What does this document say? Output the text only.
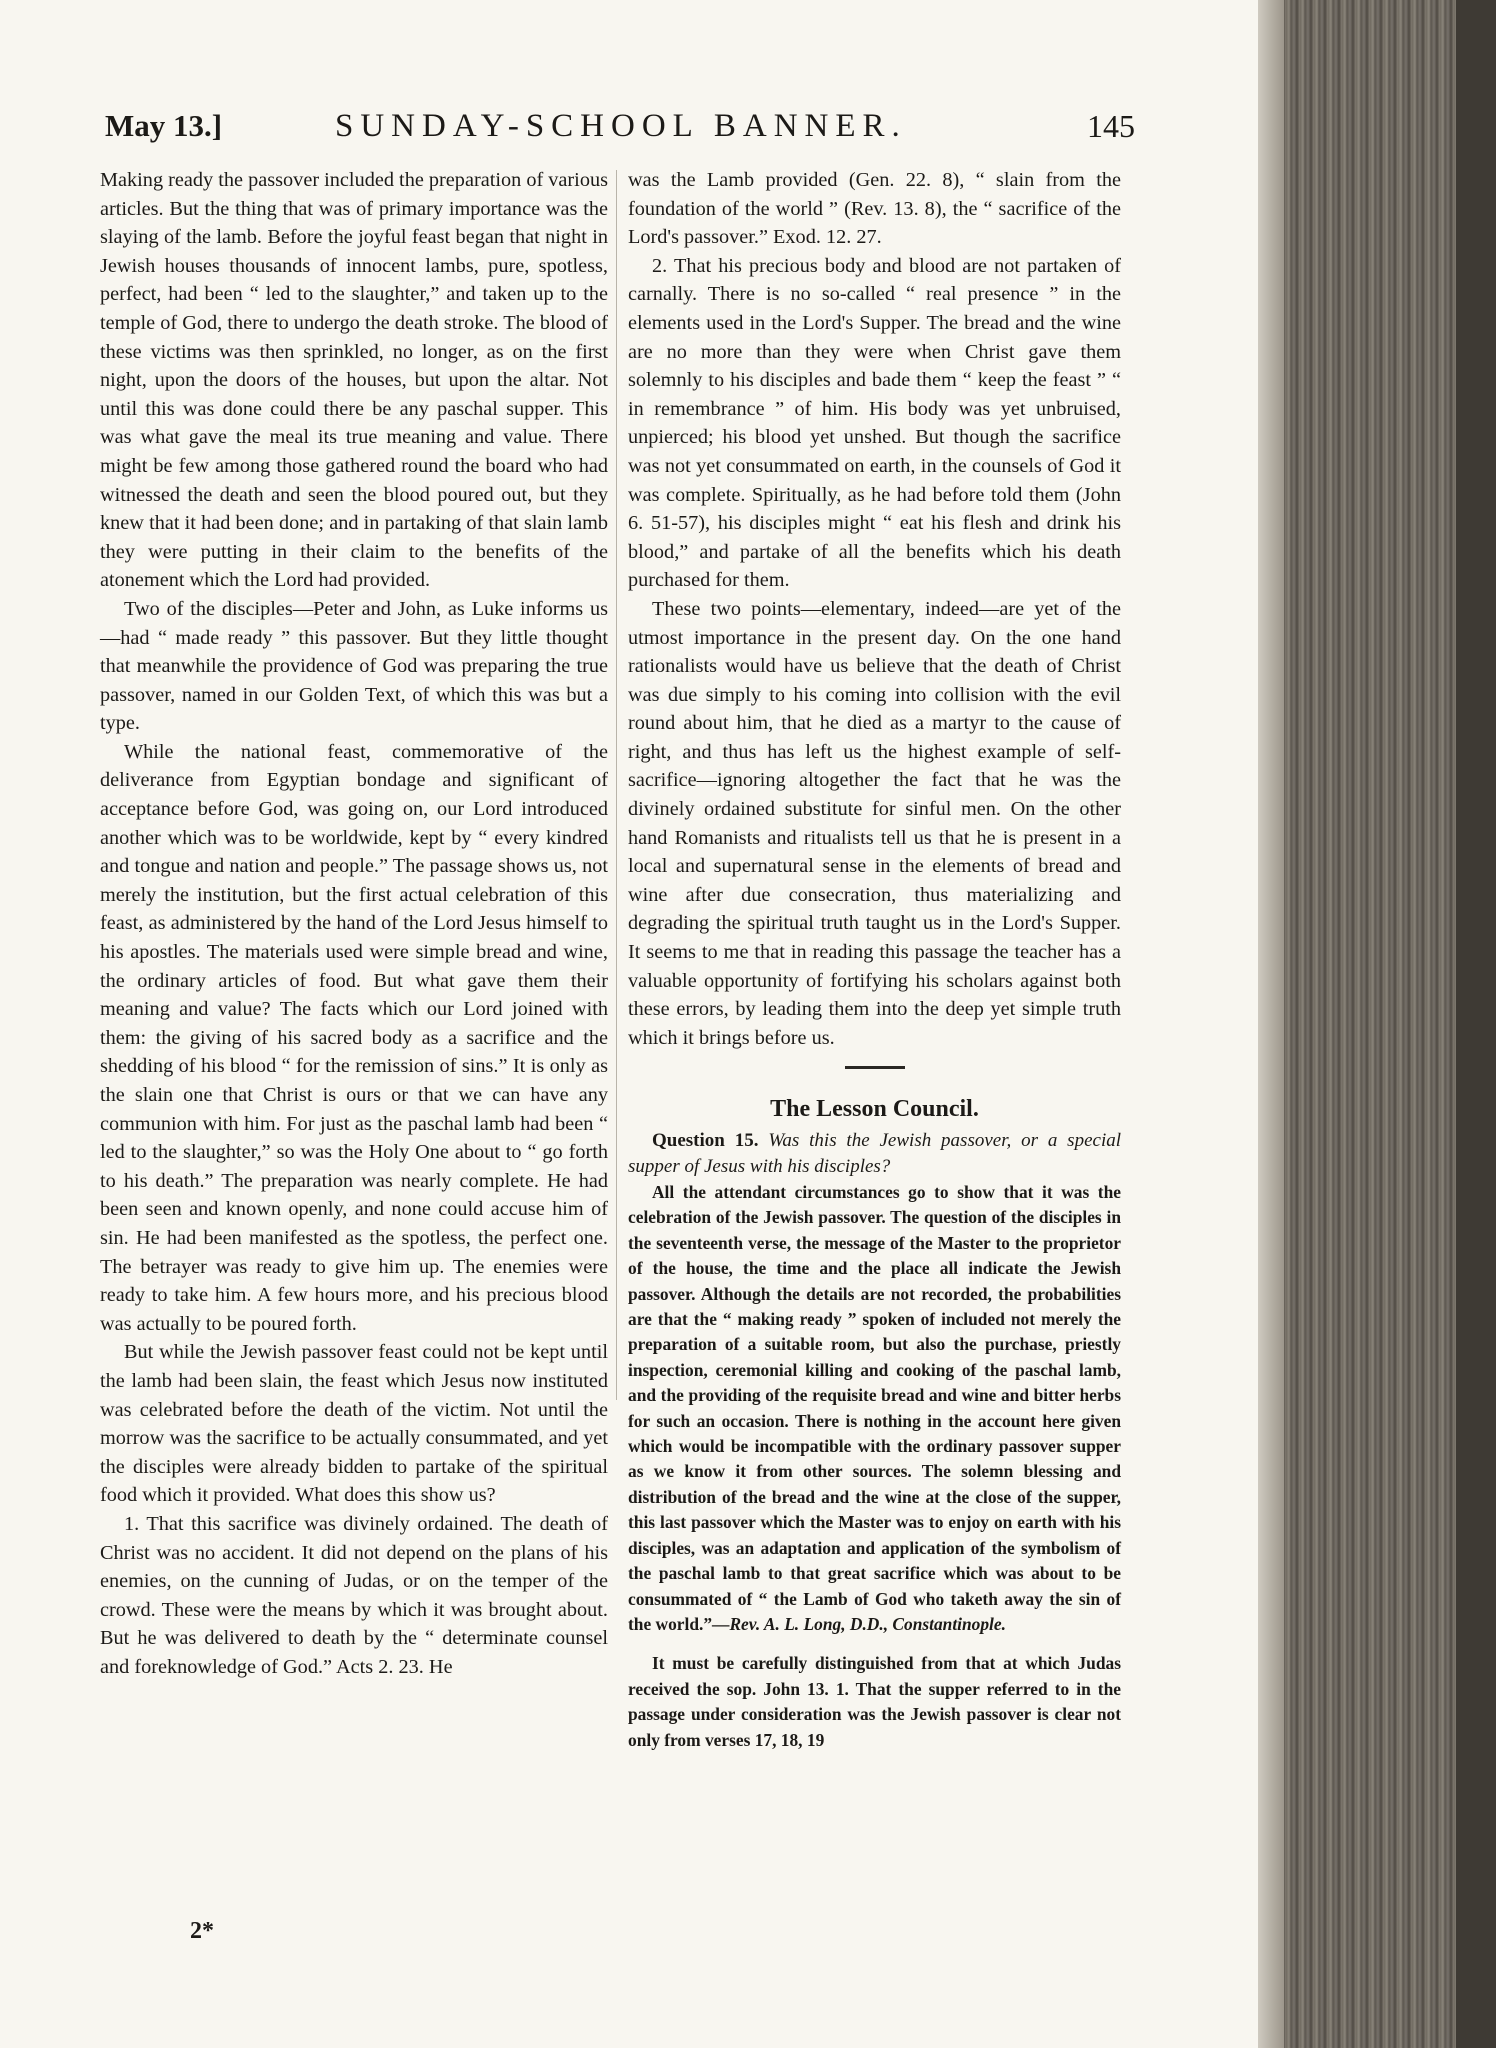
May 13.]	SUNDAY-SCHOOL BANNER.	145

Making ready the passover included the preparation of various articles. But the thing that was of primary importance was the slaying of the lamb. Before the joyful feast began that night in Jewish houses thousands of innocent lambs, pure, spotless, perfect, had been “ led to the slaughter,” and taken up to the temple of God, there to undergo the death stroke. The blood of these victims was then sprinkled, no longer, as on the first night, upon the doors of the houses, but upon the altar. Not until this was done could there be any paschal supper. This was what gave the meal its true meaning and value. There might be few among those gathered round the board who had witnessed the death and seen the blood poured out, but they knew that it had been done; and in partaking of that slain lamb they were putting in their claim to the benefits of the atonement which the Lord had provided.

Two of the disciples—Peter and John, as Luke informs us—had “ made ready ” this passover. But they little thought that meanwhile the providence of God was preparing the true passover, named in our Golden Text, of which this was but a type.

While the national feast, commemorative of the deliverance from Egyptian bondage and significant of acceptance before God, was going on, our Lord introduced another which was to be worldwide, kept by “ every kindred and tongue and nation and people.” The passage shows us, not merely the institution, but the first actual celebration of this feast, as administered by the hand of the Lord Jesus himself to his apostles. The materials used were simple bread and wine, the ordinary articles of food. But what gave them their meaning and value? The facts which our Lord joined with them: the giving of his sacred body as a sacrifice and the shedding of his blood “ for the remission of sins.” It is only as the slain one that Christ is ours or that we can have any communion with him. For just as the paschal lamb had been “ led to the slaughter,” so was the Holy One about to “ go forth to his death.” The preparation was nearly complete. He had been seen and known openly, and none could accuse him of sin. He had been manifested as the spotless, the perfect one. The betrayer was ready to give him up. The enemies were ready to take him. A few hours more, and his precious blood was actually to be poured forth.

But while the Jewish passover feast could not be kept until the lamb had been slain, the feast which Jesus now instituted was celebrated before the death of the victim. Not until the morrow was the sacrifice to be actually consummated, and yet the disciples were already bidden to partake of the spiritual food which it provided. What does this show us?

1. That this sacrifice was divinely ordained. The death of Christ was no accident. It did not depend on the plans of his enemies, on the cunning of Judas, or on the temper of the crowd. These were the means by which it was brought about. But he was delivered to death by the “ determinate counsel and foreknowledge of God.” Acts 2. 23. He

was the Lamb provided (Gen. 22. 8), “ slain from the foundation of the world ” (Rev. 13. 8), the “ sacrifice of the Lord's passover.” Exod. 12. 27.

2. That his precious body and blood are not partaken of carnally. There is no so-called “ real presence ” in the elements used in the Lord's Supper. The bread and the wine are no more than they were when Christ gave them solemnly to his disciples and bade them “ keep the feast ” “ in remembrance ” of him. His body was yet unbruised, unpierced; his blood yet unshed. But though the sacrifice was not yet consummated on earth, in the counsels of God it was complete. Spiritually, as he had before told them (John 6. 51-57), his disciples might “ eat his flesh and drink his blood,” and partake of all the benefits which his death purchased for them.

These two points—elementary, indeed—are yet of the utmost importance in the present day. On the one hand rationalists would have us believe that the death of Christ was due simply to his coming into collision with the evil round about him, that he died as a martyr to the cause of right, and thus has left us the highest example of self-sacrifice—ignoring altogether the fact that he was the divinely ordained substitute for sinful men. On the other hand Romanists and ritualists tell us that he is present in a local and supernatural sense in the elements of bread and wine after due consecration, thus materializing and degrading the spiritual truth taught us in the Lord's Supper. It seems to me that in reading this passage the teacher has a valuable opportunity of fortifying his scholars against both these errors, by leading them into the deep yet simple truth which it brings before us.

The Lesson Council.

Question 15. Was this the Jewish passover, or a special supper of Jesus with his disciples?

All the attendant circumstances go to show that it was the celebration of the Jewish passover. The question of the disciples in the seventeenth verse, the message of the Master to the proprietor of the house, the time and the place all indicate the Jewish passover. Although the details are not recorded, the probabilities are that the “ making ready ” spoken of included not merely the preparation of a suitable room, but also the purchase, priestly inspection, ceremonial killing and cooking of the paschal lamb, and the providing of the requisite bread and wine and bitter herbs for such an occasion. There is nothing in the account here given which would be incompatible with the ordinary passover supper as we know it from other sources. The solemn blessing and distribution of the bread and the wine at the close of the supper, this last passover which the Master was to enjoy on earth with his disciples, was an adaptation and application of the symbolism of the paschal lamb to that great sacrifice which was about to be consummated of “ the Lamb of God who taketh away the sin of the world.”—Rev. A. L. Long, D.D., Constantinople.

It must be carefully distinguished from that at which Judas received the sop. John 13. 1. That the supper referred to in the passage under consideration was the Jewish passover is clear not only from verses 17, 18, 19

2*
